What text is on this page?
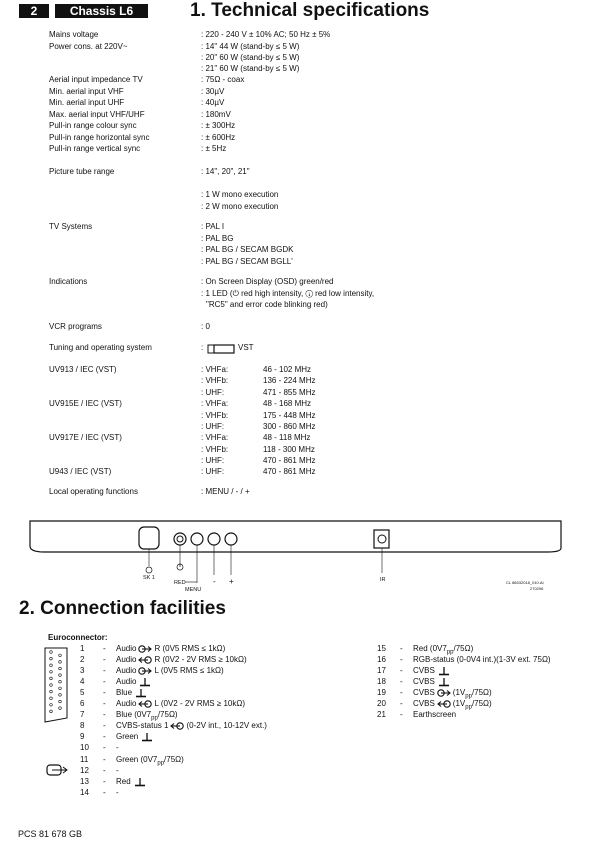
2	Chassis L6	1. Technical specifications
Mains voltage	: 220 - 240 V ± 10% AC; 50 Hz ± 5%
Power cons. at 220V~	: 14" 44 W (stand-by ≤ 5 W)
: 20" 60 W (stand-by ≤ 5 W)
: 21" 60 W (stand-by ≤ 5 W)
Aerial input impedance TV	: 75Ω - coax
Min. aerial input VHF	: 30µV
Min. aerial input UHF	: 40µV
Max. aerial input VHF/UHF	: 180mV
Pull-in range colour sync	: ± 300Hz
Pull-in range horizontal sync	: ± 600Hz
Pull-in range vertical sync	: ± 5Hz
Picture tube range	: 14", 20", 21"
: 1 W mono execution
: 2 W mono execution
TV Systems	: PAL I
: PAL BG
: PAL BG / SECAM BGDK
: PAL BG / SECAM BGLL'
Indications	: On Screen Display (OSD) green/red
: 1 LED (⏻ red high intensity, ⓘ red low intensity,
"RC5" and error code blinking red)
VCR programs	: 0
Tuning and operating system	:
UV913 / IEC (VST)	: VHFa:	46 - 102 MHz
: VHFb:	136 - 224 MHz
: UHF:	471 - 855 MHz
UV915E / IEC (VST)	: VHFa:	48 - 168 MHz
: VHFb:	175 - 448 MHz
: UHF:	300 - 860 MHz
UV917E / IEC (VST)	: VHFa:	48 - 118 MHz
: VHFb:	118 - 300 MHz
: UHF:	470 - 861 MHz
U943 / IEC (VST)	: UHF:	470 - 861 MHz
Local operating functions	: MENU / - / +
VST
SK 1
RED
MENU
- +	IR	CL 86532018_010.AI
270296
2. Connection facilities
Euroconnector:
1 - Audio R (0V5 RMS ≤ 1kΩ)
2 - Audio R (0V2 - 2V RMS ≥ 10kΩ)
3 - Audio L (0V5 RMS ≤ 1kΩ)
4 - Audio
5 - Blue
6 - Audio L (0V2 - 2V RMS ≥ 10kΩ)
7 - Blue $(0V7_{pp}/75\Omega)$
8 - CVBS-status 1 (0-2V int., 10-12V ext.)
9 - Green
10 - -
11 - Green $(0V7_{pp}/75\Omega)$
12 - -
13 - Red
14 - -
15 - Red $(0V7_{pp}/75\Omega)$
16 - RGB-status (0-0V4 int.)(1-3V ext. 75Ω)
17 - CVBS
18 - CVBS
19 - CVBS $(1V_{pp}/75\Omega)$
20 - CVBS $(1V_{pp}/75\Omega)$
21 - Earthscreen
PCS 81 678 GB
